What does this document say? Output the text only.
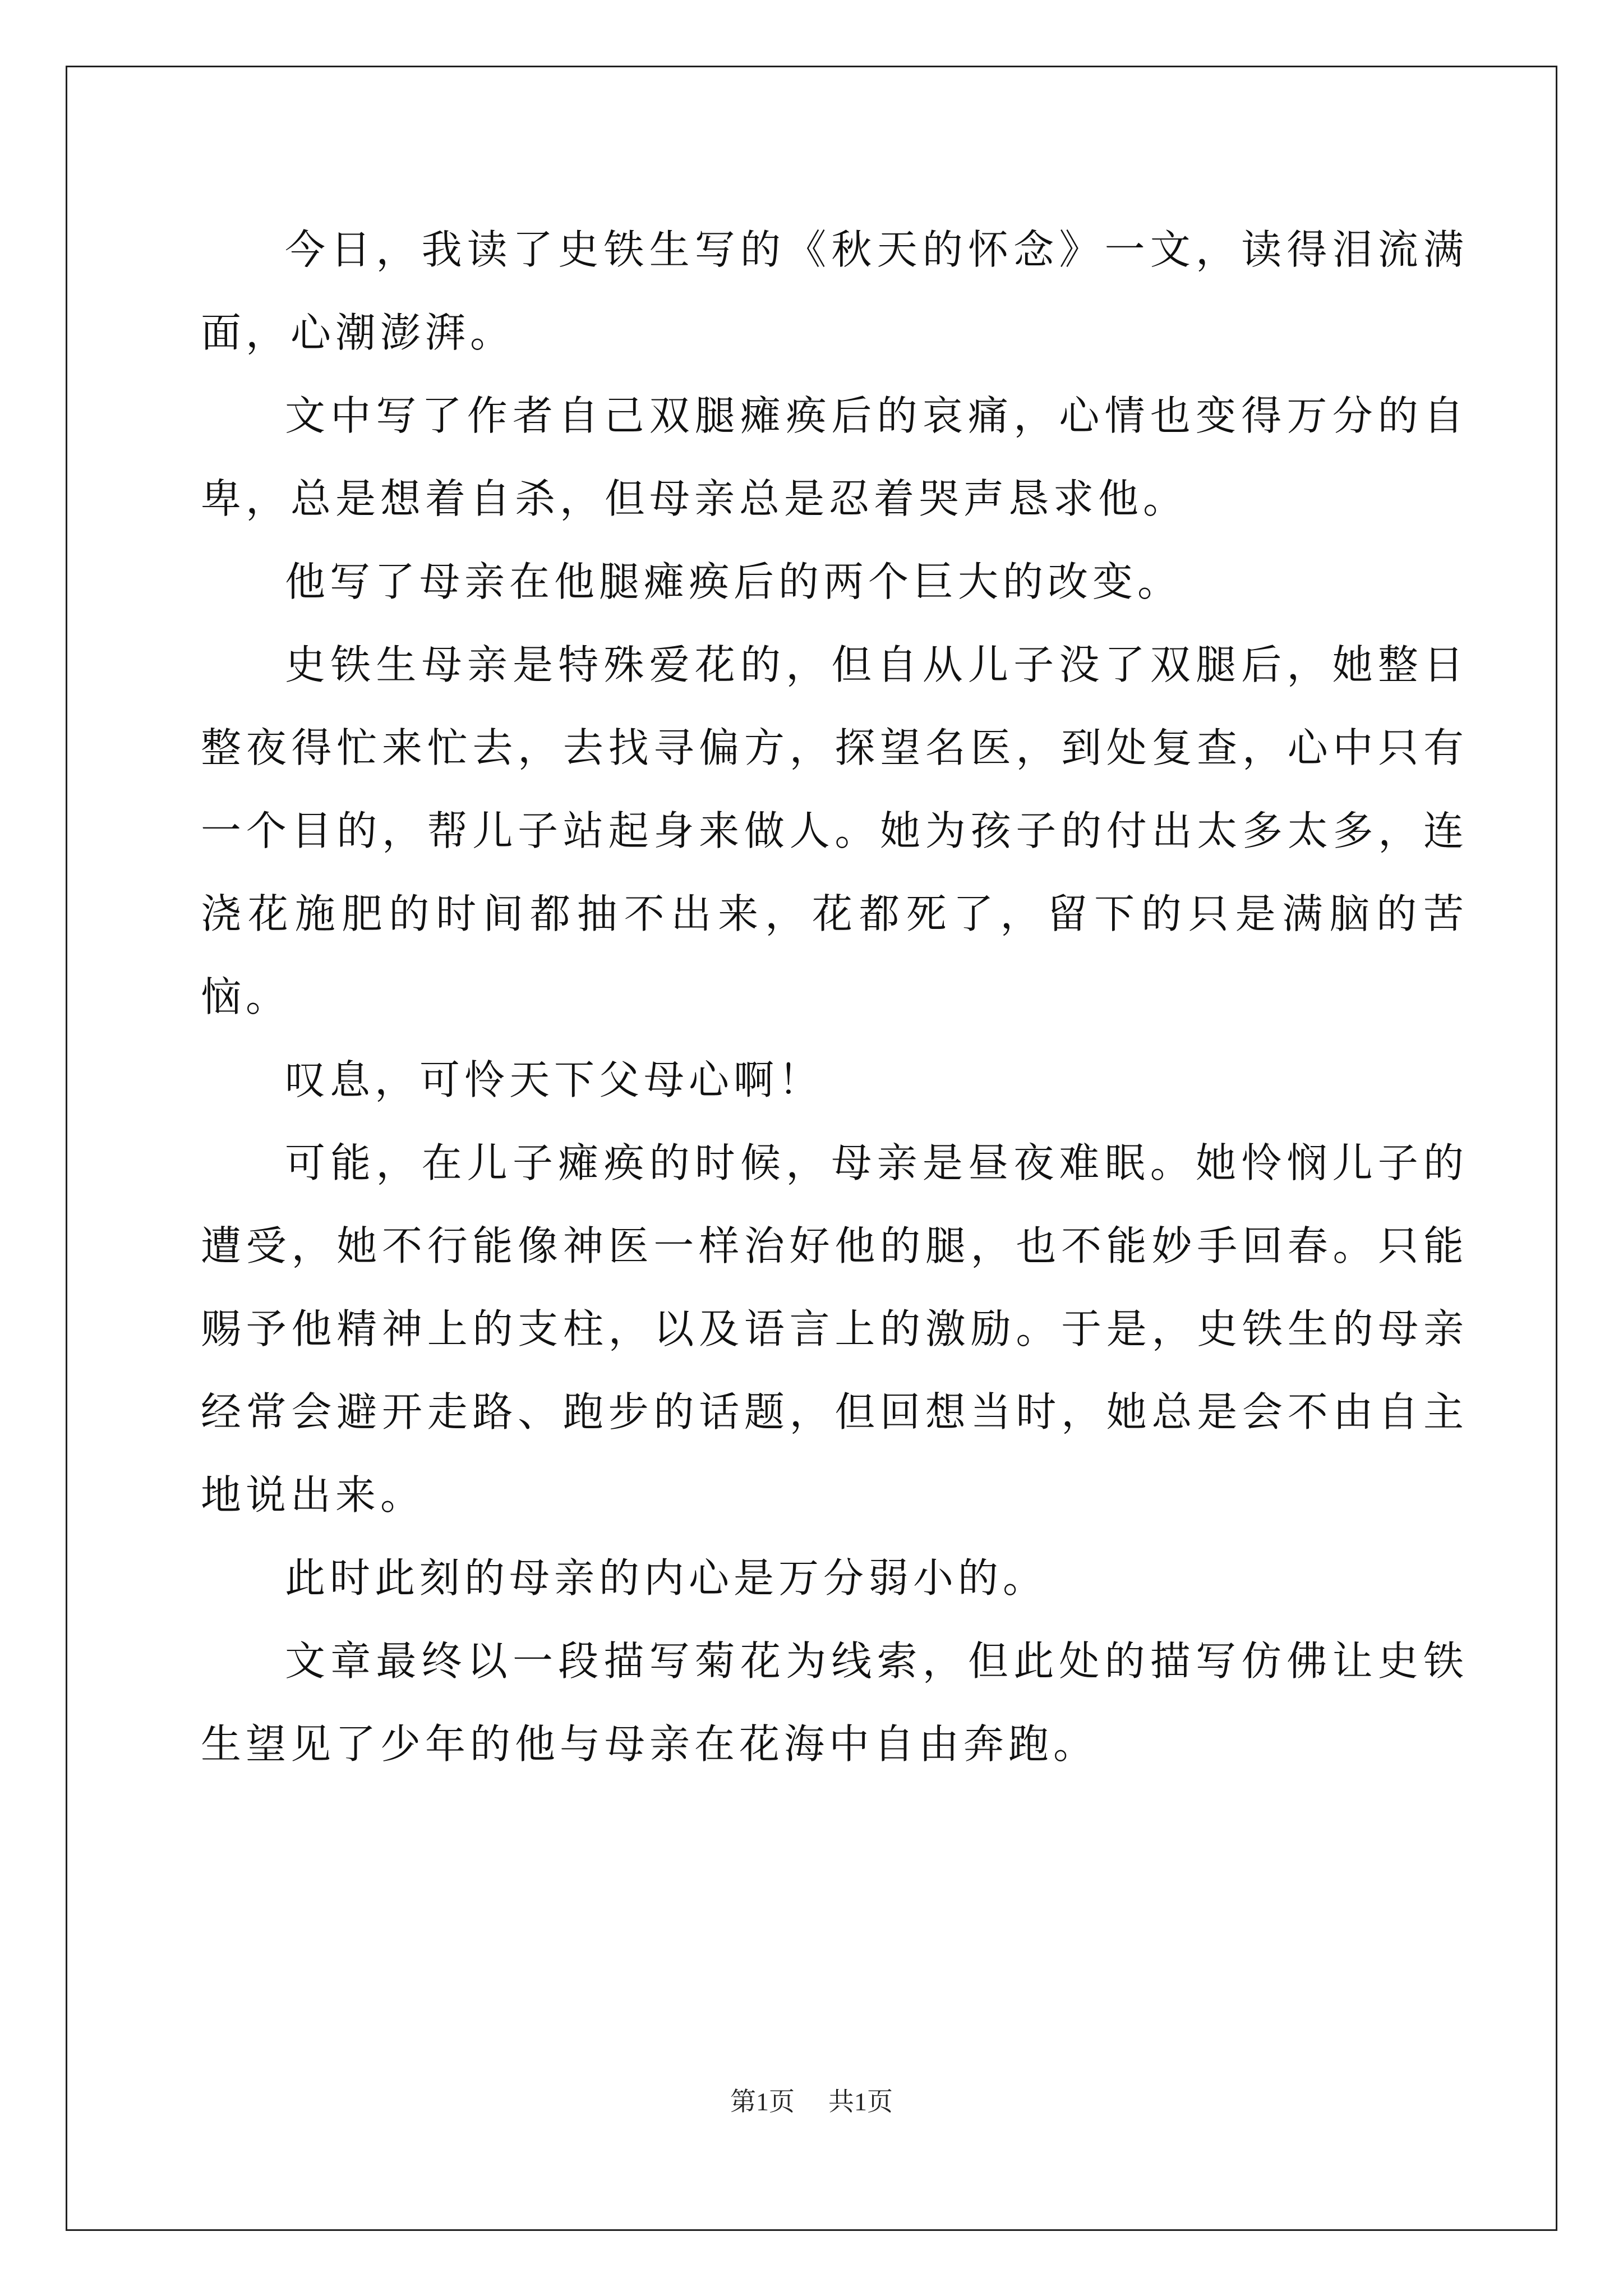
今日，我读了史铁生写的《秋天的怀念》一文，读得泪流满面，心潮澎湃。

文中写了作者自己双腿瘫痪后的哀痛，心情也变得万分的自卑，总是想着自杀，但母亲总是忍着哭声恳求他。

他写了母亲在他腿瘫痪后的两个巨大的改变。

史铁生母亲是特殊爱花的，但自从儿子没了双腿后，她整日整夜得忙来忙去，去找寻偏方，探望名医，到处复查，心中只有一个目的，帮儿子站起身来做人。她为孩子的付出太多太多，连浇花施肥的时间都抽不出来，花都死了，留下的只是满脑的苦恼。

叹息，可怜天下父母心啊！

可能，在儿子瘫痪的时候，母亲是昼夜难眠。她怜悯儿子的遭受，她不行能像神医一样治好他的腿，也不能妙手回春。只能赐予他精神上的支柱，以及语言上的激励。于是，史铁生的母亲经常会避开走路、跑步的话题，但回想当时，她总是会不由自主地说出来。

此时此刻的母亲的内心是万分弱小的。

文章最终以一段描写菊花为线索，但此处的描写仿佛让史铁生望见了少年的他与母亲在花海中自由奔跑。

第1页 共1页
